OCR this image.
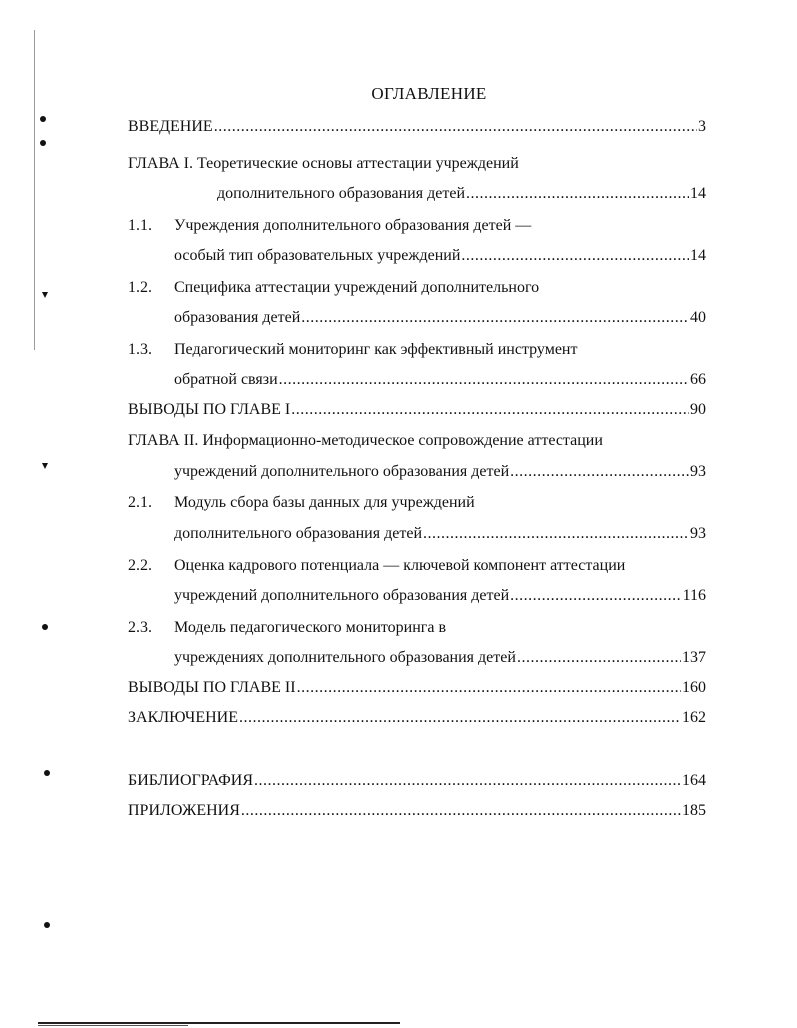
ОГЛАВЛЕНИЕ
ВВЕДЕНИЕ .....	3
ГЛАВА I. Теоретические основы аттестации учреждений
дополнительного образования детей .....	14
1.1. Учреждения дополнительного образования детей —
особый тип образовательных учреждений .....	14
1.2. Специфика аттестации учреждений дополнительного
образования детей .....	40
1.3. Педагогический мониторинг как эффективный инструмент
обратной связи .....	66
ВЫВОДЫ ПО ГЛАВЕ I .....	90
ГЛАВА II. Информационно-методическое сопровождение аттестации
учреждений дополнительного образования детей .....	93
2.1. Модуль сбора базы данных для учреждений
дополнительного образования детей .....	93
2.2. Оценка кадрового потенциала — ключевой компонент аттестации
учреждений дополнительного образования детей .....	116
2.3. Модель педагогического мониторинга в
учреждениях дополнительного образования детей .....	137
ВЫВОДЫ ПО ГЛАВЕ II .....	160
ЗАКЛЮЧЕНИЕ .....	162
БИБЛИОГРАФИЯ .....	164
ПРИЛОЖЕНИЯ .....	185
